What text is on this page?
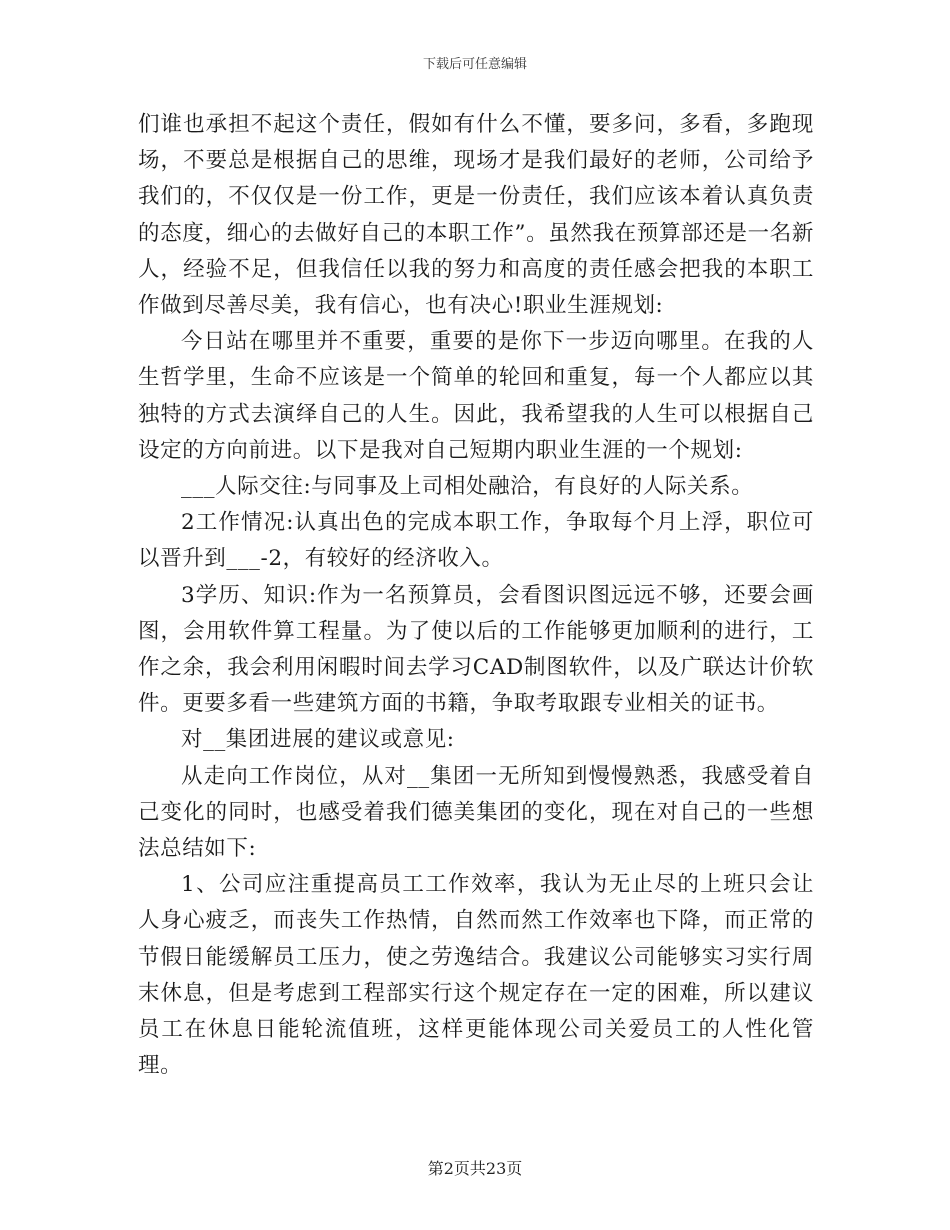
下载后可任意编辑

们谁也承担不起这个责任，假如有什么不懂，要多问，多看，多跑现场，不要总是根据自己的思维，现场才是我们最好的老师，公司给予我们的，不仅仅是一份工作，更是一份责任，我们应该本着认真负责的态度，细心的去做好自己的本职工作”。虽然我在预算部还是一名新人，经验不足，但我信任以我的努力和高度的责任感会把我的本职工作做到尽善尽美，我有信心，也有决心!职业生涯规划:

今日站在哪里并不重要，重要的是你下一步迈向哪里。在我的人生哲学里，生命不应该是一个简单的轮回和重复，每一个人都应以其独特的方式去演绎自己的人生。因此，我希望我的人生可以根据自己设定的方向前进。以下是我对自己短期内职业生涯的一个规划:

___人际交往:与同事及上司相处融洽，有良好的人际关系。

2工作情况:认真出色的完成本职工作，争取每个月上浮，职位可以晋升到___-2，有较好的经济收入。

3学历、知识:作为一名预算员，会看图识图远远不够，还要会画图，会用软件算工程量。为了使以后的工作能够更加顺利的进行，工作之余，我会利用闲暇时间去学习CAD制图软件，以及广联达计价软件。更要多看一些建筑方面的书籍，争取考取跟专业相关的证书。

对__集团进展的建议或意见:

从走向工作岗位，从对__集团一无所知到慢慢熟悉，我感受着自己变化的同时，也感受着我们德美集团的变化，现在对自己的一些想法总结如下:

1、公司应注重提高员工工作效率，我认为无止尽的上班只会让人身心疲乏，而丧失工作热情，自然而然工作效率也下降，而正常的节假日能缓解员工压力，使之劳逸结合。我建议公司能够实习实行周末休息，但是考虑到工程部实行这个规定存在一定的困难，所以建议员工在休息日能轮流值班，这样更能体现公司关爱员工的人性化管理。

第2页共23页
